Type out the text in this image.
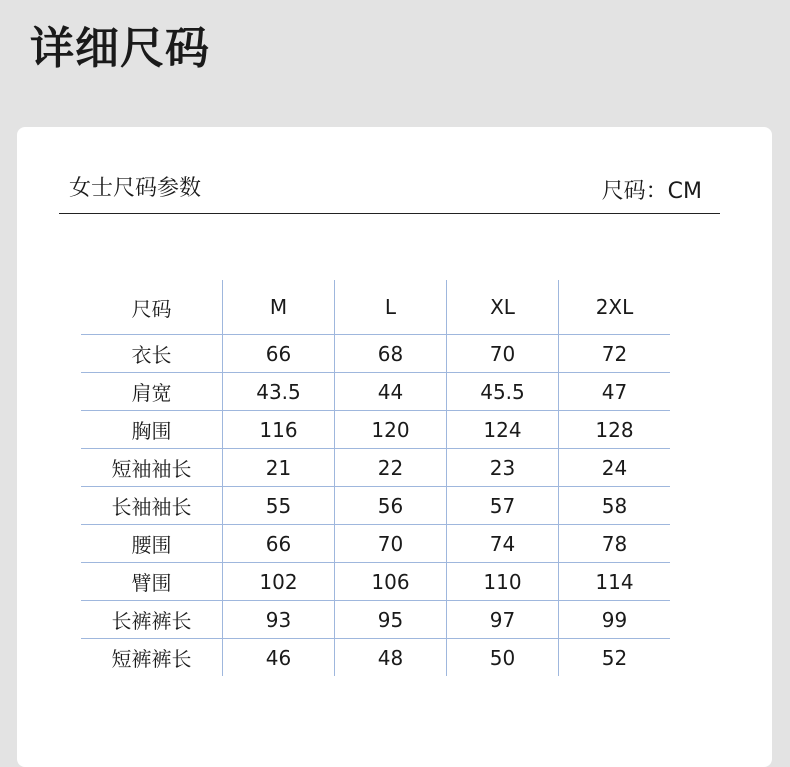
详细尺码
女士尺码参数	尺码：CM
尺码	M	L	XL	2XL
衣长	66	68	70	72
肩宽	43.5	44	45.5	47
胸围	116	120	124	128
短袖袖长	21	22	23	24
长袖袖长	55	56	57	58
腰围	66	70	74	78
臂围	102	106	110	114
长裤裤长	93	95	97	99
短裤裤长	46	48	50	52
